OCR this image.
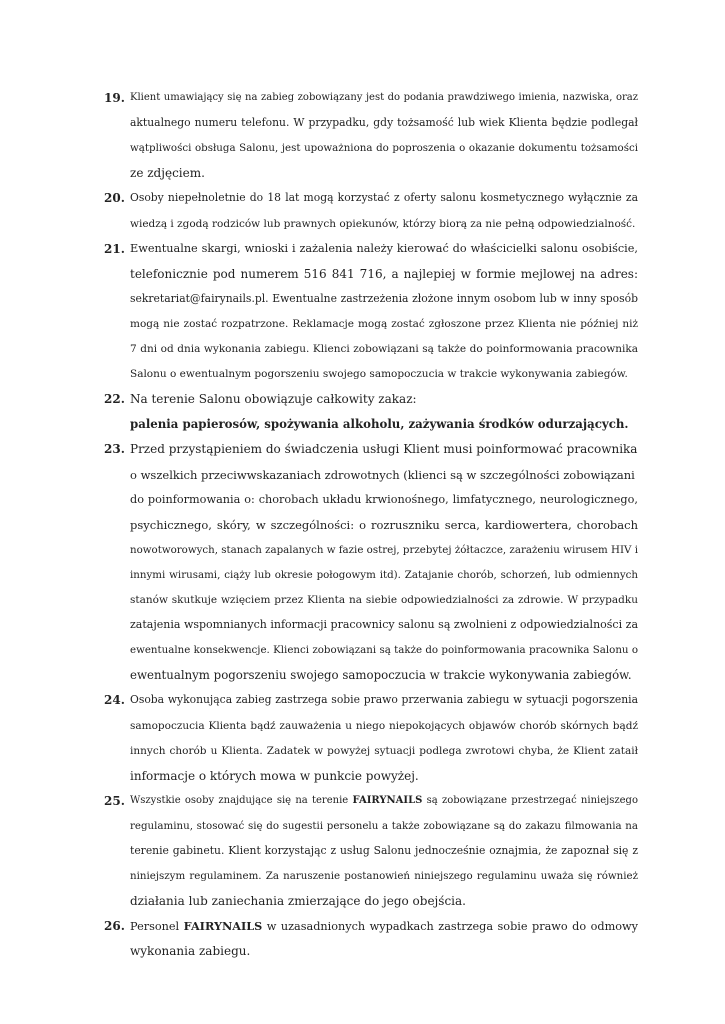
19. Klient umawiający się na zabieg zobowiązany jest do podania prawdziwego imienia, nazwiska, oraz
aktualnego numeru telefonu. W przypadku, gdy tożsamość lub wiek Klienta będzie podlegał
wątpliwości obsługa Salonu, jest upoważniona do poproszenia o okazanie dokumentu tożsamości
ze zdjęciem.
20. Osoby niepełnoletnie do 18 lat mogą korzystać z oferty salonu kosmetycznego wyłącznie za
wiedzą i zgodą rodziców lub prawnych opiekunów, którzy biorą za nie pełną odpowiedzialność.
21. Ewentualne skargi, wnioski i zażalenia należy kierować do właścicielki salonu osobiście,
telefonicznie pod numerem 516 841 716, a najlepiej w formie mejlowej na adres:
sekretariat@fairynails.pl. Ewentualne zastrzeżenia złożone innym osobom lub w inny sposób
mogą nie zostać rozpatrzone. Reklamacje mogą zostać zgłoszone przez Klienta nie później niż
7 dni od dnia wykonania zabiegu. Klienci zobowiązani są także do poinformowania pracownika
Salonu o ewentualnym pogorszeniu swojego samopoczucia w trakcie wykonywania zabiegów.
22. Na terenie Salonu obowiązuje całkowity zakaz:
palenia papierosów, spożywania alkoholu, zażywania środków odurzających.
23. Przed przystąpieniem do świadczenia usługi Klient musi poinformować pracownika
o wszelkich przeciwwskazaniach zdrowotnych (klienci są w szczególności zobowiązani
do poinformowania o: chorobach układu krwionośnego, limfatycznego, neurologicznego,
psychicznego, skóry, w szczególności: o rozruszniku serca, kardiowertera, chorobach
nowotworowych, stanach zapalanych w fazie ostrej, przebytej żółtaczce, zarażeniu wirusem HIV i
innymi wirusami, ciąży lub okresie połogowym itd). Zatajanie chorób, schorzeń, lub odmiennych
stanów skutkuje wzięciem przez Klienta na siebie odpowiedzialności za zdrowie. W przypadku
zatajenia wspomnianych informacji pracownicy salonu są zwolnieni z odpowiedzialności za
ewentualne konsekwencje. Klienci zobowiązani są także do poinformowania pracownika Salonu o
ewentualnym pogorszeniu swojego samopoczucia w trakcie wykonywania zabiegów.
24. Osoba wykonująca zabieg zastrzega sobie prawo przerwania zabiegu w sytuacji pogorszenia
samopoczucia Klienta bądź zauważenia u niego niepokojących objawów chorób skórnych bądź
innych chorób u Klienta. Zadatek w powyżej sytuacji podlega zwrotowi chyba, że Klient zataił
informacje o których mowa w punkcie powyżej.
25. Wszystkie osoby znajdujące się na terenie FAIRYNAILS są zobowiązane przestrzegać niniejszego
regulaminu, stosować się do sugestii personelu a także zobowiązane są do zakazu filmowania na
terenie gabinetu. Klient korzystając z usług Salonu jednocześnie oznajmia, że zapoznał się z
niniejszym regulaminem. Za naruszenie postanowień niniejszego regulaminu uważa się również
działania lub zaniechania zmierzające do jego obejścia.
26. Personel FAIRYNAILS w uzasadnionych wypadkach zastrzega sobie prawo do odmowy
wykonania zabiegu.
